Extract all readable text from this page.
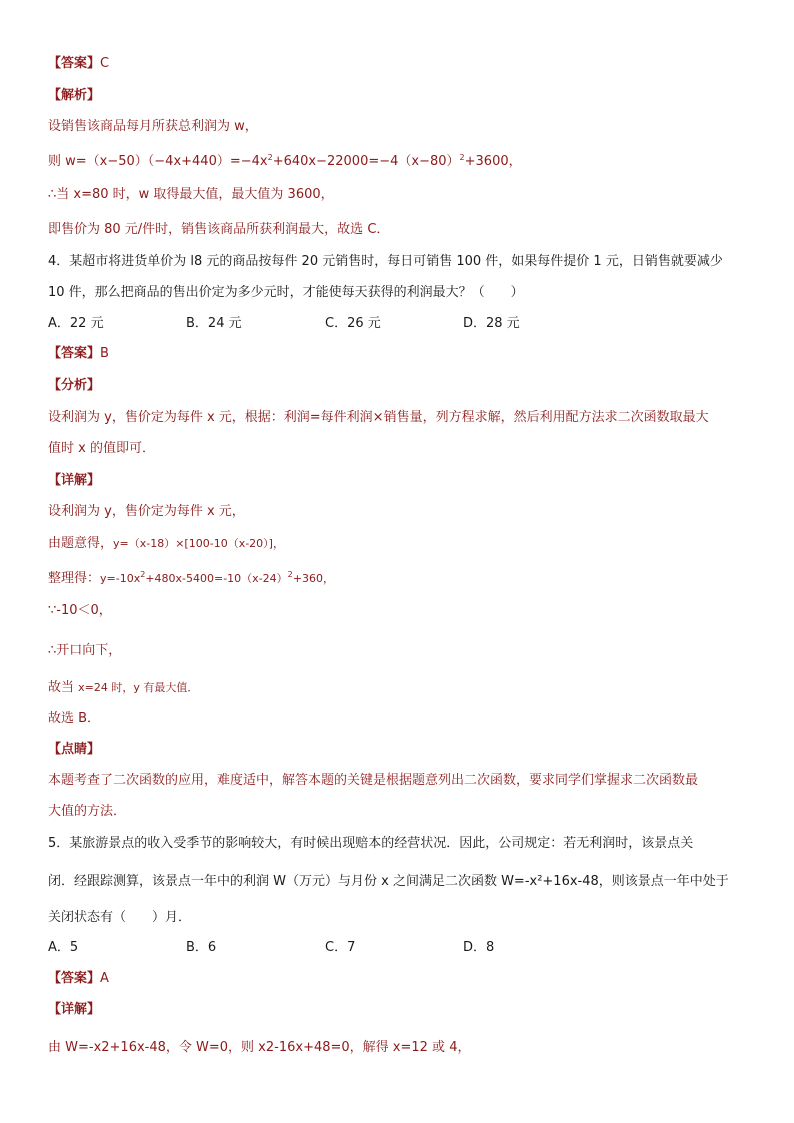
【答案】C
【解析】
设销售该商品每月所获总利润为 w，
则 $w=(x-50)(-4x+440)=-4x^2+640x-22000=-4(x-80)^2+3600$，
∴当 x=80 时，w 取得最大值，最大值为 3600，
即售价为 80 元/件时，销售该商品所获利润最大，故选 C．
4．某超市将进货单价为 l8 元的商品按每件 20 元销售时，每日可销售 100 件，如果每件提价 1 元，日销售就要减少
10 件，那么把商品的售出价定为多少元时，才能使每天获得的利润最大？（　　）
A．22 元	B．24 元	C．26 元	D．28 元
【答案】B
【分析】
设利润为 y，售价定为每件 x 元，根据：利润=每件利润×销售量，列方程求解，然后利用配方法求二次函数取最大
值时 x 的值即可．
【详解】
设利润为 y，售价定为每件 x 元，
由题意得，y=（x-18）×[100-10（x-20）]，
整理得：$y=-10x^2+480x-5400=-10(x-24)^2+360$，
∵-10＜0，
∴开口向下，
故当 x=24 时，y 有最大值．
故选 B．
【点睛】
本题考查了二次函数的应用，难度适中，解答本题的关键是根据题意列出二次函数，要求同学们掌握求二次函数最
大值的方法．
5．某旅游景点的收入受季节的影响较大，有时候出现赔本的经营状况．因此，公司规定：若无利润时，该景点关
闭．经跟踪测算，该景点一年中的利润 W（万元）与月份 x 之间满足二次函数 W=-x²+16x-48，则该景点一年中处于
关闭状态有（　　）月．
A．5	B．6	C．7	D．8
【答案】A
【详解】
由 W=-x2+16x-48，令 W=0，则 x2-16x+48=0，解得 x=12 或 4，
